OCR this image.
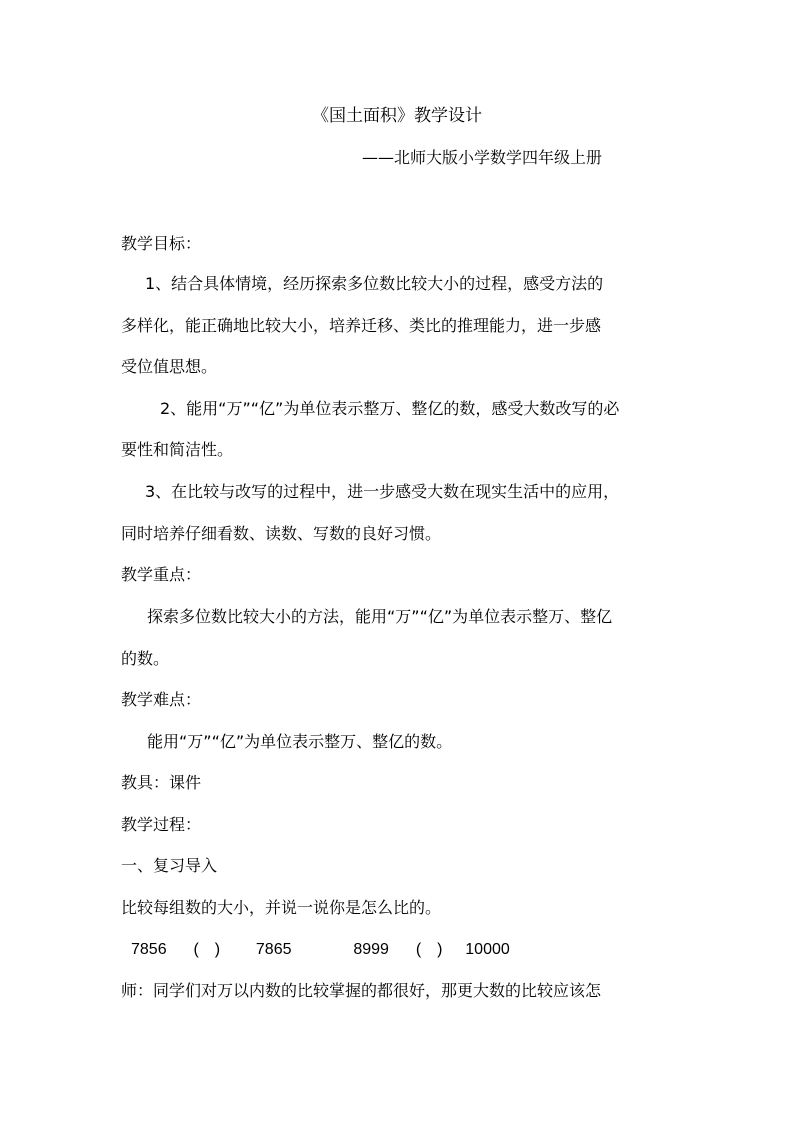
《国土面积》教学设计
——北师大版小学数学四年级上册
教学目标：
1、结合具体情境，经历探索多位数比较大小的过程，感受方法的
多样化，能正确地比较大小，培养迁移、类比的推理能力，进一步感
受位值思想。
2、能用“万”“亿”为单位表示整万、整亿的数，感受大数改写的必
要性和简洁性。
3、在比较与改写的过程中，进一步感受大数在现实生活中的应用，
同时培养仔细看数、读数、写数的良好习惯。
教学重点：
探索多位数比较大小的方法，能用“万”“亿”为单位表示整万、整亿
的数。
教学难点：
能用“万”“亿”为单位表示整万、整亿的数。
教具：课件
教学过程：
一、复习导入
比较每组数的大小，并说一说你是怎么比的。
7856 (　) 7865	8999 (　) 10000
师：同学们对万以内数的比较掌握的都很好，那更大数的比较应该怎
